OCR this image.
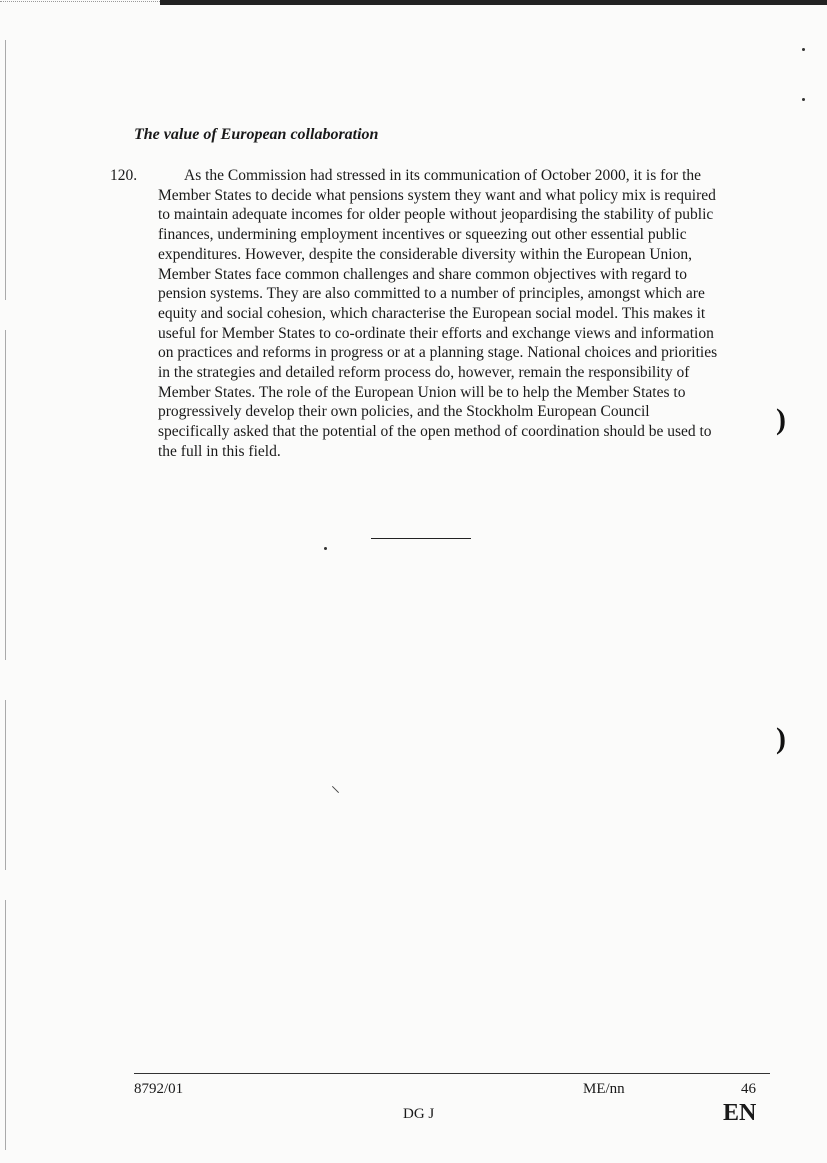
The value of European collaboration
120.	As the Commission had stressed in its communication of October 2000, it is for the Member States to decide what pensions system they want and what policy mix is required to maintain adequate incomes for older people without jeopardising the stability of public finances, undermining employment incentives or squeezing out other essential public expenditures. However, despite the considerable diversity within the European Union, Member States face common challenges and share common objectives with regard to pension systems. They are also committed to a number of principles, amongst which are equity and social cohesion, which characterise the European social model. This makes it useful for Member States to co-ordinate their efforts and exchange views and information on practices and reforms in progress or at a planning stage. National choices and priorities in the strategies and detailed reform process do, however, remain the responsibility of Member States. The role of the European Union will be to help the Member States to progressively develop their own policies, and the Stockholm European Council specifically asked that the potential of the open method of coordination should be used to the full in this field.
8792/01
DG J
ME/nn	46
EN
)
)
